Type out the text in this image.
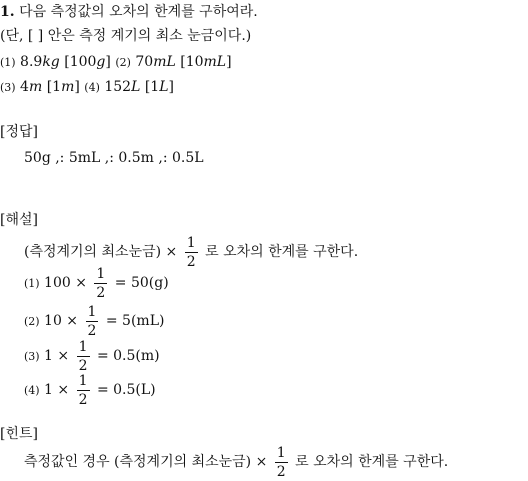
1. 다음 측정값의 오차의 한계를 구하여라.
(단, [ ] 안은 측정 계기의 최소 눈금이다.)
(1) 8.9kg [100g] (2) 70mL [10mL]
(3) 4m [1m] (4) 152L [1L]
[정답]
50g ,: 5mL ,: 0.5m ,: 0.5L
[해설]
(측정계기의 최소눈금) × $\frac{1}{2}$ 로 오차의 한계를 구한다.
(1) $100 \times \frac{1}{2} = 50(g)$
(2) $10 \times \frac{1}{2} = 5(mL)$
(3) $1 \times \frac{1}{2} = 0.5(m)$
(4) $1 \times \frac{1}{2} = 0.5(L)$
[힌트]
측정값인 경우 (측정계기의 최소눈금) × $\frac{1}{2}$ 로 오차의 한계를 구한다.
